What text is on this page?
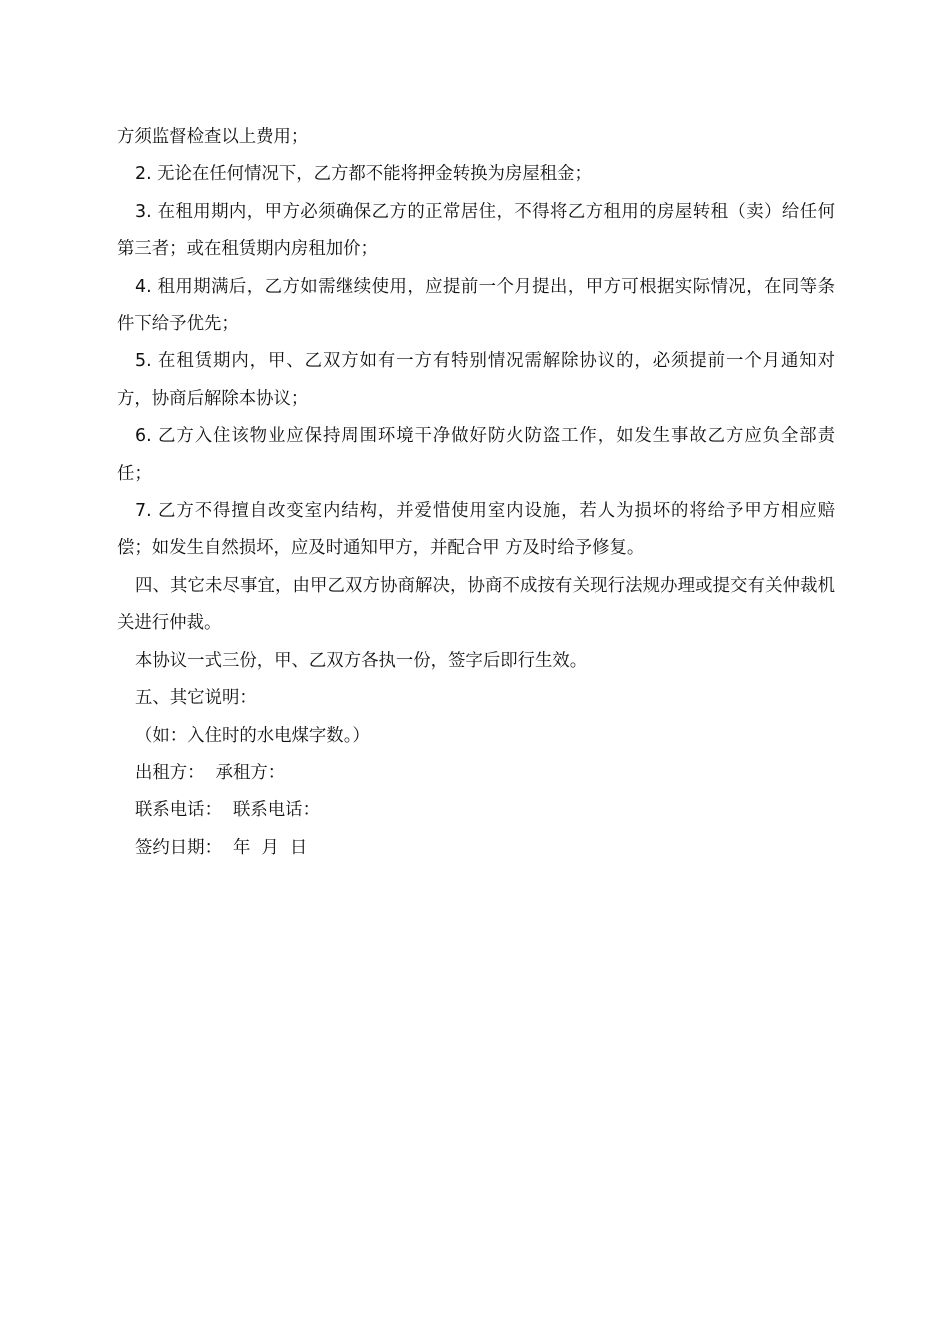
方须监督检查以上费用；

2. 无论在任何情况下，乙方都不能将押金转换为房屋租金；

3. 在租用期内，甲方必须确保乙方的正常居住，不得将乙方租用的房屋转租（卖）给任何第三者；或在租赁期内房租加价；

4. 租用期满后，乙方如需继续使用，应提前一个月提出，甲方可根据实际情况，在同等条件下给予优先；

5. 在租赁期内，甲、乙双方如有一方有特别情况需解除协议的，必须提前一个月通知对方，协商后解除本协议；

6. 乙方入住该物业应保持周围环境干净做好防火防盗工作，如发生事故乙方应负全部责任；

7. 乙方不得擅自改变室内结构，并爱惜使用室内设施，若人为损坏的将给予甲方相应赔偿；如发生自然损坏，应及时通知甲方，并配合甲 方及时给予修复。

四、其它未尽事宜，由甲乙双方协商解决，协商不成按有关现行法规办理或提交有关仲裁机关进行仲裁。

本协议一式三份，甲、乙双方各执一份，签字后即行生效。

五、其它说明：

（如：入住时的水电煤字数。）

出租方：  承租方：

联系电话：  联系电话：

签约日期：  年  月  日
